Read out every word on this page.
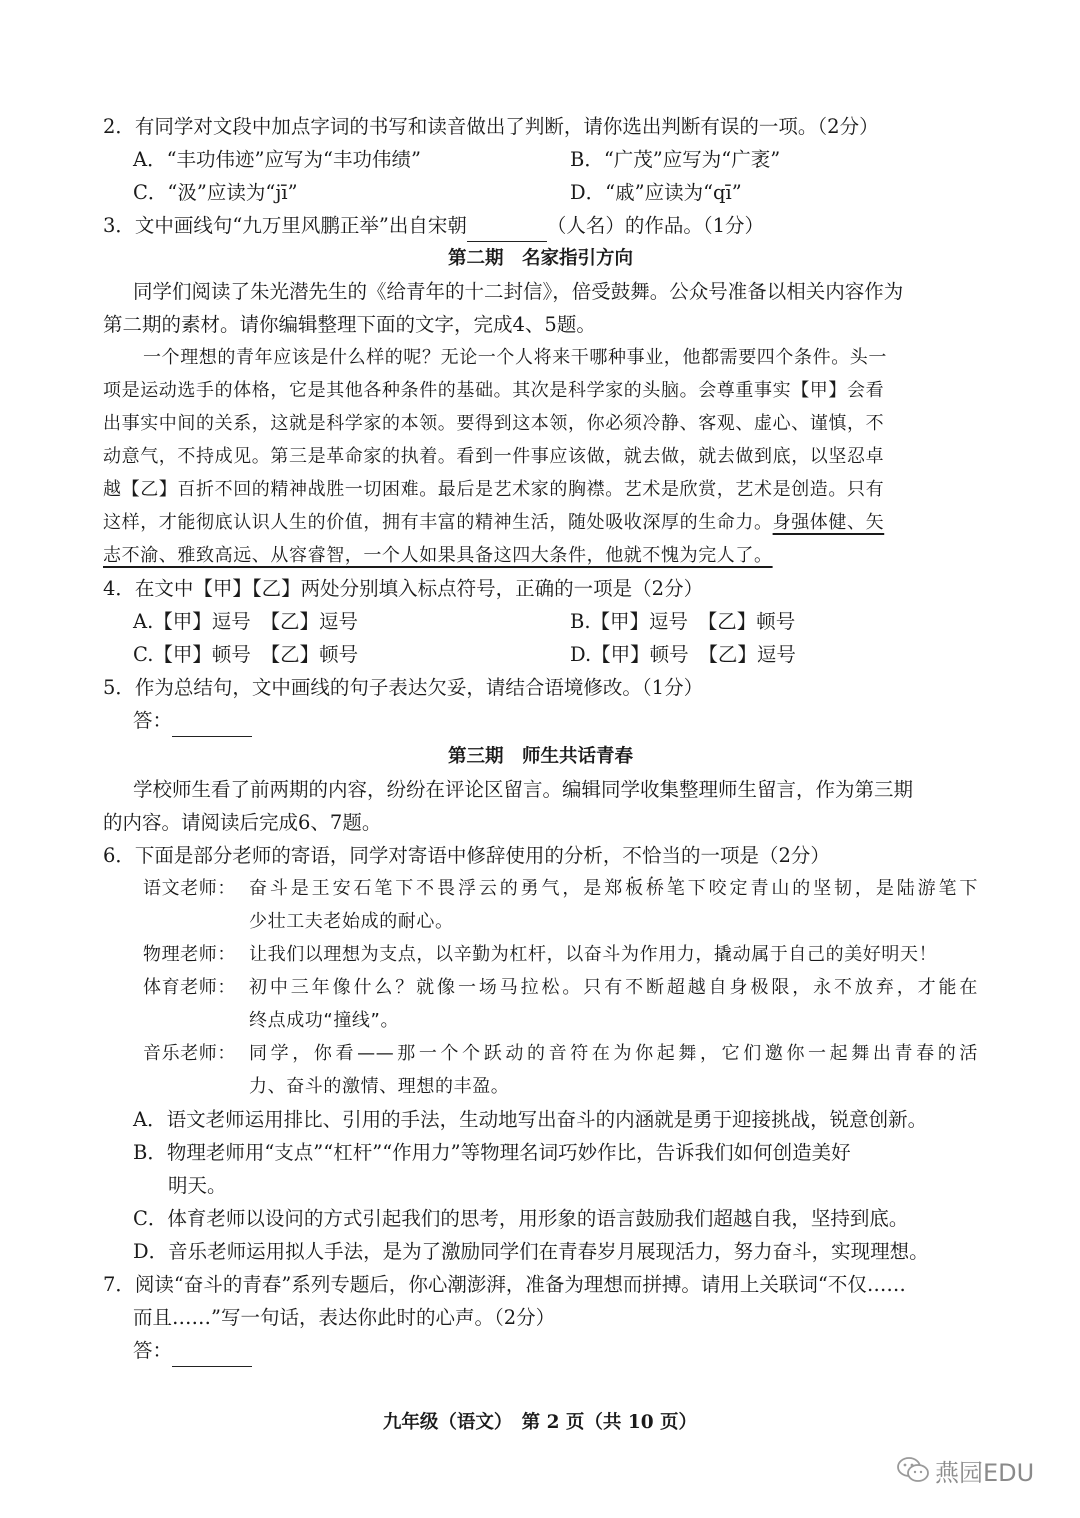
2．有同学对文段中加点字词的书写和读音做出了判断，请你选出判断有误的一项。（2分）
A．“丰功伟迹”应写为“丰功伟绩”	B．“广茂”应写为“广袤”
C．“汲”应读为“jī”	D．“戚”应读为“qī”
3．文中画线句“九万里风鹏正举”出自宋朝	（人名）的作品。（1分）
第二期　名家指引方向
同学们阅读了朱光潜先生的《给青年的十二封信》，倍受鼓舞。公众号准备以相关内容作为
第二期的素材。请你编辑整理下面的文字，完成4、5题。
一个理想的青年应该是什么样的呢？无论一个人将来干哪种事业，他都需要四个条件。头一
项是运动选手的体格，它是其他各种条件的基础。其次是科学家的头脑。会尊重事实【甲】会看
出事实中间的关系，这就是科学家的本领。要得到这本领，你必须冷静、客观、虚心、谨慎，不
动意气，不持成见。第三是革命家的执着。看到一件事应该做，就去做，就去做到底，以坚忍卓
越【乙】百折不回的精神战胜一切困难。最后是艺术家的胸襟。艺术是欣赏，艺术是创造。只有
这样，才能彻底认识人生的价值，拥有丰富的精神生活，随处吸收深厚的生命力。身强体健、矢
志不渝、雅致高远、从容睿智，一个人如果具备这四大条件，他就不愧为完人了。
4．在文中【甲】【乙】两处分别填入标点符号，正确的一项是（2分）
A.【甲】逗号　【乙】逗号	B.【甲】逗号　【乙】顿号
C.【甲】顿号　【乙】顿号	D.【甲】顿号　【乙】逗号
5．作为总结句，文中画线的句子表达欠妥，请结合语境修改。（1分）
答：
第三期　师生共话青春
学校师生看了前两期的内容，纷纷在评论区留言。编辑同学收集整理师生留言，作为第三期
的内容。请阅读后完成6、7题。
6．下面是部分老师的寄语，同学对寄语中修辞使用的分析，不恰当的一项是（2分）
语文老师： 奋斗是王安石笔下不畏浮云的勇气，是郑板桥笔下咬定青山的坚韧，是陆游笔下
少壮工夫老始成的耐心。
物理老师： 让我们以理想为支点，以辛勤为杠杆，以奋斗为作用力，撬动属于自己的美好明天！
体育老师： 初中三年像什么？就像一场马拉松。只有不断超越自身极限，永不放弃，才能在
终点成功“撞线”。
音乐老师： 同学，你看——那一个个跃动的音符在为你起舞，它们邀你一起舞出青春的活
力、奋斗的激情、理想的丰盈。
A．语文老师运用排比、引用的手法，生动地写出奋斗的内涵就是勇于迎接挑战，锐意创新。
B．物理老师用“支点”“杠杆”“作用力”等物理名词巧妙作比，告诉我们如何创造美好
明天。
C．体育老师以设问的方式引起我们的思考，用形象的语言鼓励我们超越自我，坚持到底。
D．音乐老师运用拟人手法，是为了激励同学们在青春岁月展现活力，努力奋斗，实现理想。
7．阅读“奋斗的青春”系列专题后，你心潮澎湃，准备为理想而拼搏。请用上关联词“不仅……
而且……”写一句话，表达你此时的心声。（2分）
答：
九年级（语文）　第 2 页（共 10 页）
燕园EDU
